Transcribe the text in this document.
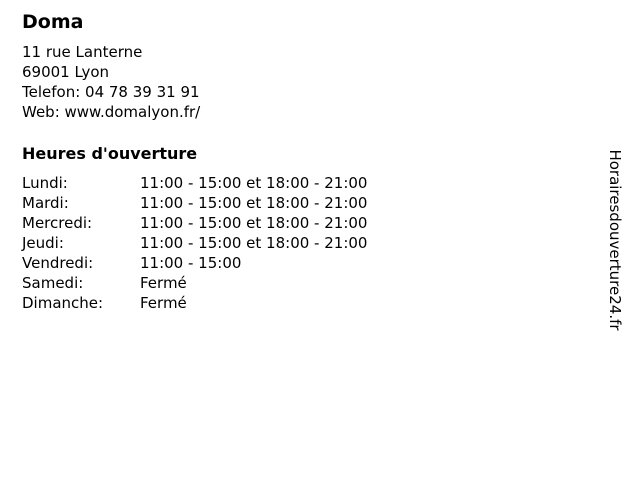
Doma

11 rue Lanterne

69001 Lyon

Telefon: 04 78 39 31 91

Web: www.domalyon.fr/

Heures d'ouverture
Lundi:	11:00 - 15:00 et 18:00 - 21:00
Mardi:	11:00 - 15:00 et 18:00 - 21:00
Mercredi:	11:00 - 15:00 et 18:00 - 21:00
Jeudi:	11:00 - 15:00 et 18:00 - 21:00
Vendredi:	11:00 - 15:00
Samedi:	Fermé
Dimanche:	Fermé	Horairesdouverture24.fr
